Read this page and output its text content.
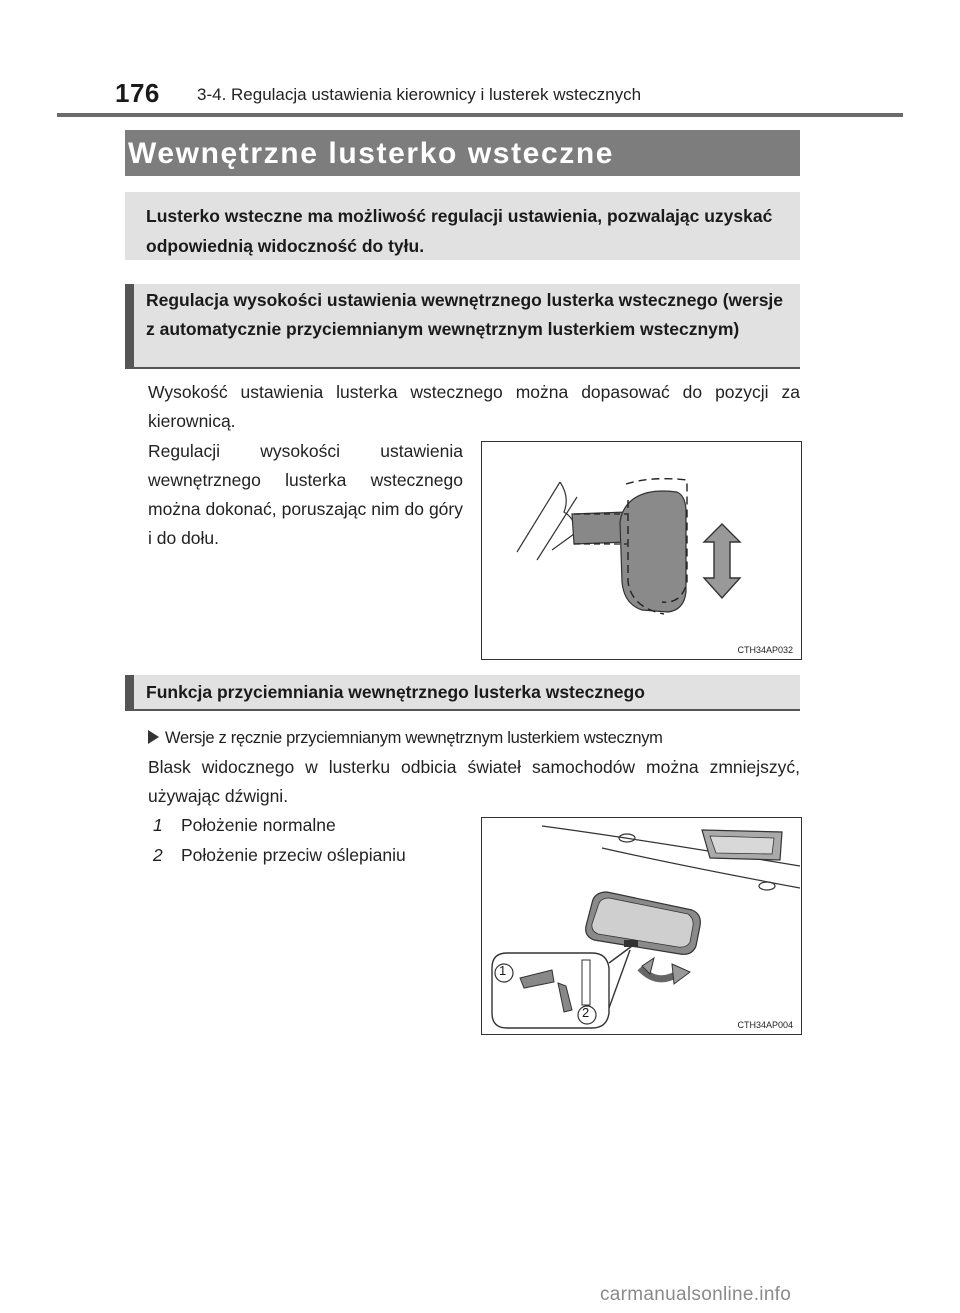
176 3-4. Regulacja ustawienia kierownicy i lusterek wstecznych
Wewnętrzne lusterko wsteczne
Lusterko wsteczne ma możliwość regulacji ustawienia, pozwalając uzyskać odpowiednią widoczność do tyłu.
Regulacja wysokości ustawienia wewnętrznego lusterka wstecznego (wersje z automatycznie przyciemnianym wewnętrznym lusterkiem wstecznym)
Wysokość ustawienia lusterka wstecznego można dopasować do pozycji za kierownicą.
Regulacji wysokości ustawienia wewnętrznego lusterka wstecznego można dokonać, poruszając nim do góry i do dołu.
CTH34AP032
Funkcja przyciemniania wewnętrznego lusterka wstecznego
Wersje z ręcznie przyciemnianym wewnętrznym lusterkiem wstecznym
Blask widocznego w lusterku odbicia świateł samochodów można zmniejszyć, używając dźwigni.
1 Położenie normalne
2 Położenie przeciw oślepianiu
1
2
CTH34AP004
carmanualsonline.info
